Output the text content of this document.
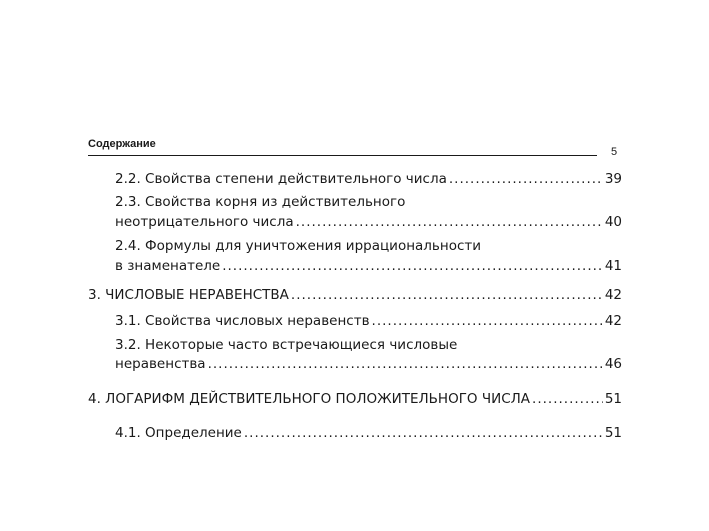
Содержание
5
2.2. Свойства степени действительного числа .....	39
2.3. Свойства корня из действительного
неотрицательного числа .....	40
2.4. Формулы для уничтожения иррациональности
в знаменателе .....	41
3. ЧИСЛОВЫЕ НЕРАВЕНСТВА .....	42
3.1. Свойства числовых неравенств .....	42
3.2. Некоторые часто встречающиеся числовые
неравенства .....	46
4. ЛОГАРИФМ ДЕЙСТВИТЕЛЬНОГО ПОЛОЖИТЕЛЬНОГО ЧИСЛА .....	51
4.1. Определение .....	51
